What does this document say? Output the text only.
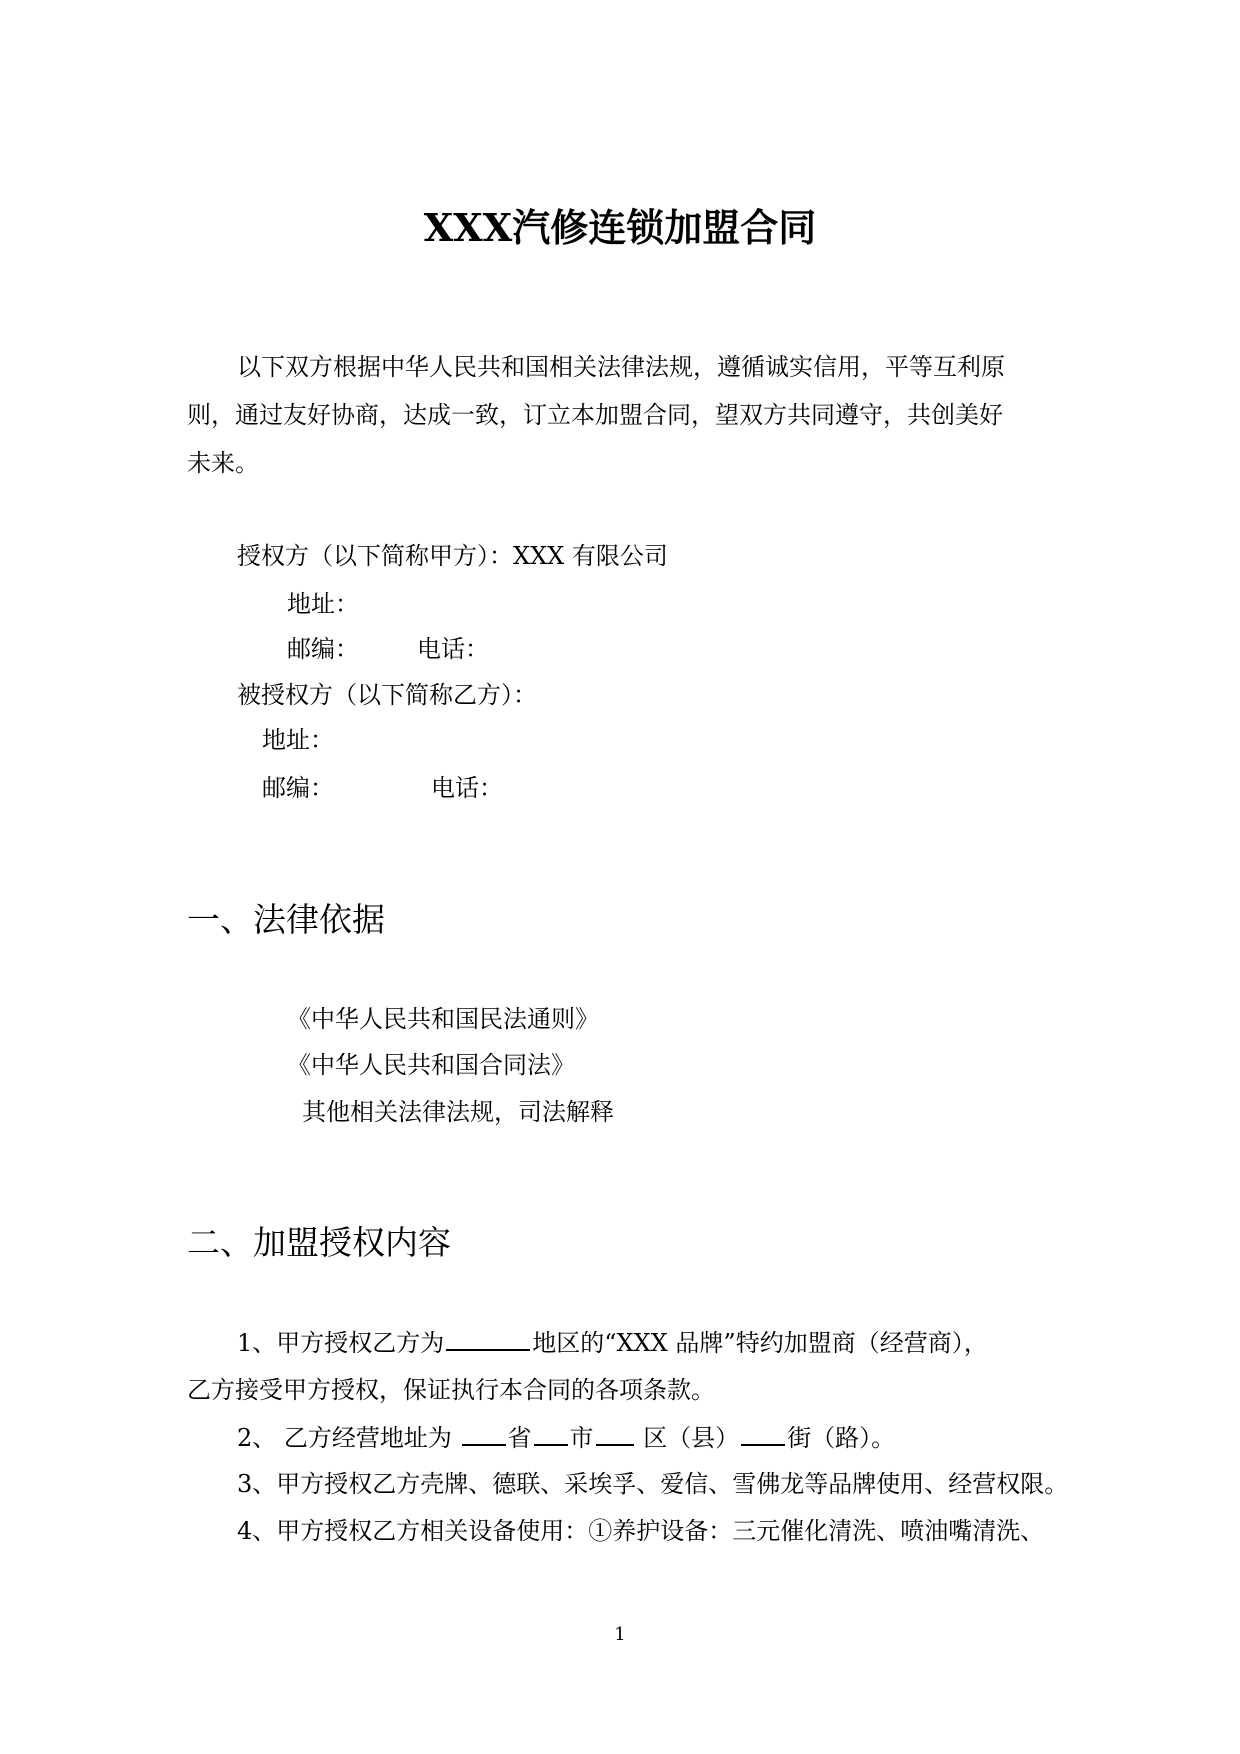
XXX汽修连锁加盟合同
以下双方根据中华人民共和国相关法律法规，遵循诚实信用，平等互利原
则，通过友好协商，达成一致，订立本加盟合同，望双方共同遵守，共创美好
未来。
授权方（以下简称甲方）：XXX 有限公司
地址：
邮编： 电话：
被授权方（以下简称乙方）：
地址：
邮编：	电话：
一、法律依据
《中华人民共和国民法通则》
《中华人民共和国合同法》
其他相关法律法规，司法解释
二、加盟授权内容
1、甲方授权乙方为	地区的“XXX 品牌”特约加盟商（经营商），
乙方接受甲方授权，保证执行本合同的各项条款。
2、 乙方经营地址为 省 市 区（县） 街（路）。
3、甲方授权乙方壳牌、德联、采埃孚、爱信、雪佛龙等品牌使用、经营权限。
4、甲方授权乙方相关设备使用：①养护设备：三元催化清洗、喷油嘴清洗、
1
